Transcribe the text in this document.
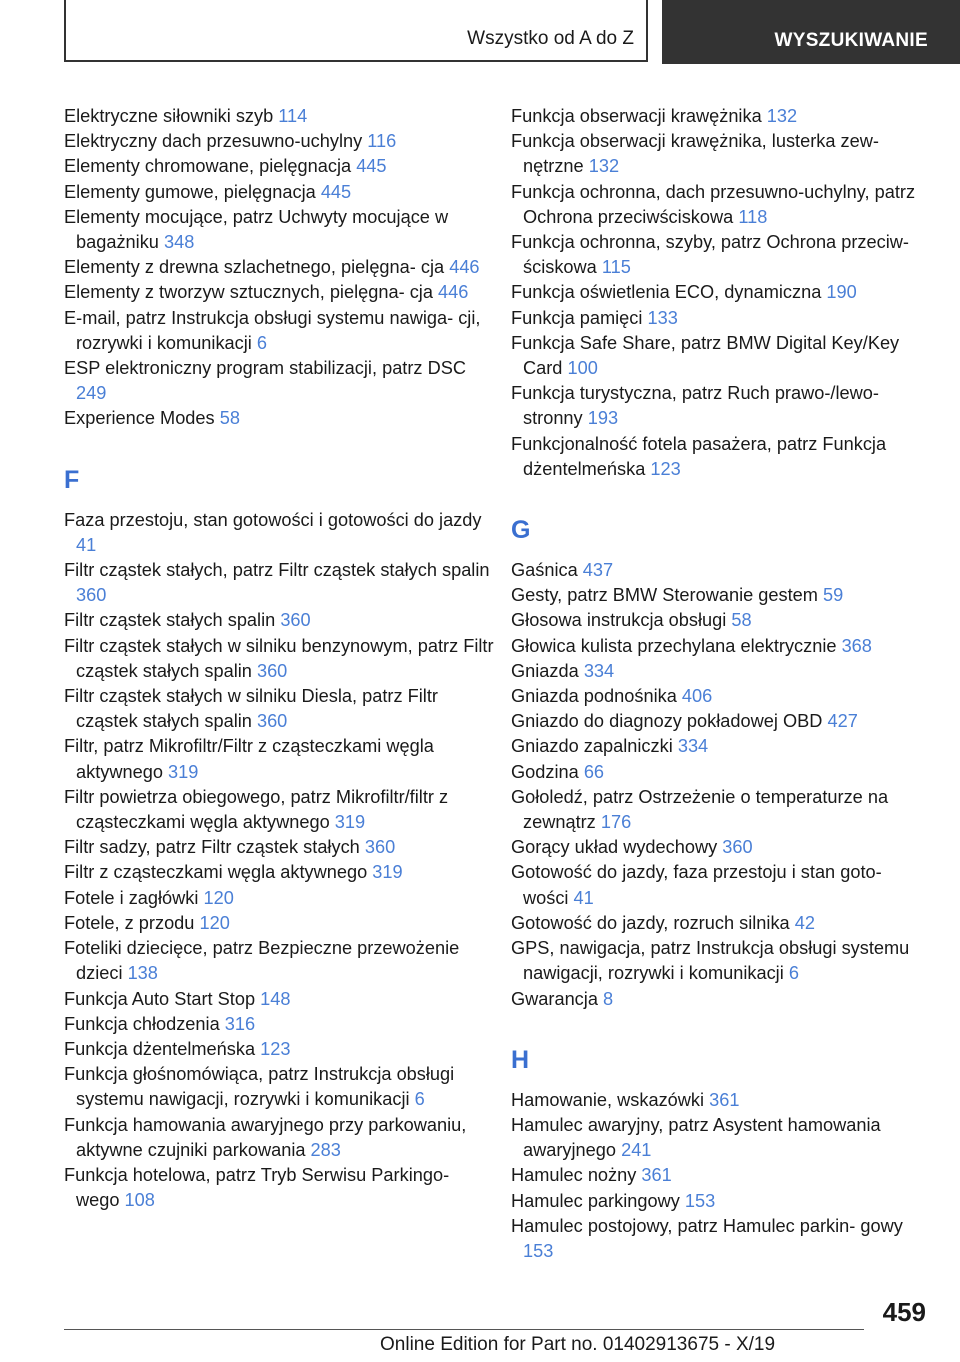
Wszystko od A do Z	WYSZUKIWANIE
Elektryczne siłowniki szyb 114
Elektryczny dach przesuwno-uchylny 116
Elementy chromowane, pielęgnacja 445
Elementy gumowe, pielęgnacja 445
Elementy mocujące, patrz Uchwyty mocujące w bagażniku 348
Elementy z drewna szlachetnego, pielęgna‐ cja 446
Elementy z tworzyw sztucznych, pielęgna‐ cja 446
E-mail, patrz Instrukcja obsługi systemu nawiga‐ cji, rozrywki i komunikacji 6
ESP elektroniczny program stabilizacji, patrz DSC 249
Experience Modes 58
F
Faza przestoju, stan gotowości i gotowości do jazdy 41
Filtr cząstek stałych, patrz Filtr cząstek stałych spalin 360
Filtr cząstek stałych spalin 360
Filtr cząstek stałych w silniku benzynowym, patrz Filtr cząstek stałych spalin 360
Filtr cząstek stałych w silniku Diesla, patrz Filtr cząstek stałych spalin 360
Filtr, patrz Mikrofiltr/Filtr z cząsteczkami węgla aktywnego 319
Filtr powietrza obiegowego, patrz Mikrofiltr/filtr z cząsteczkami węgla aktywnego 319
Filtr sadzy, patrz Filtr cząstek stałych 360
Filtr z cząsteczkami węgla aktywnego 319
Fotele i zagłówki 120
Fotele, z przodu 120
Foteliki dziecięce, patrz Bezpieczne przewożenie dzieci 138
Funkcja Auto Start Stop 148
Funkcja chłodzenia 316
Funkcja dżentelmeńska 123
Funkcja głośnomówiąca, patrz Instrukcja obsługi systemu nawigacji, rozrywki i komunikacji 6
Funkcja hamowania awaryjnego przy parkowaniu, aktywne czujniki parkowania 283
Funkcja hotelowa, patrz Tryb Serwisu Parkingo‐ wego 108
Funkcja obserwacji krawężnika 132
Funkcja obserwacji krawężnika, lusterka zew‐ nętrzne 132
Funkcja ochronna, dach przesuwno-uchylny, patrz Ochrona przeciwściskowa 118
Funkcja ochronna, szyby, patrz Ochrona przeciw‐ ściskowa 115
Funkcja oświetlenia ECO, dynamiczna 190
Funkcja pamięci 133
Funkcja Safe Share, patrz BMW Digital Key/Key Card 100
Funkcja turystyczna, patrz Ruch prawo-/lewo‐ stronny 193
Funkcjonalność fotela pasażera, patrz Funkcja dżentelmeńska 123
G
Gaśnica 437
Gesty, patrz BMW Sterowanie gestem 59
Głosowa instrukcja obsługi 58
Głowica kulista przechylana elektrycznie 368
Gniazda 334
Gniazda podnośnika 406
Gniazdo do diagnozy pokładowej OBD 427
Gniazdo zapalniczki 334
Godzina 66
Gołoledź, patrz Ostrzeżenie o temperaturze na zewnątrz 176
Gorący układ wydechowy 360
Gotowość do jazdy, faza przestoju i stan goto‐ wości 41
Gotowość do jazdy, rozruch silnika 42
GPS, nawigacja, patrz Instrukcja obsługi systemu nawigacji, rozrywki i komunikacji 6
Gwarancja 8
H
Hamowanie, wskazówki 361
Hamulec awaryjny, patrz Asystent hamowania awaryjnego 241
Hamulec nożny 361
Hamulec parkingowy 153
Hamulec postojowy, patrz Hamulec parkin‐ gowy 153
459
Online Edition for Part no. 01402913675 - X/19
